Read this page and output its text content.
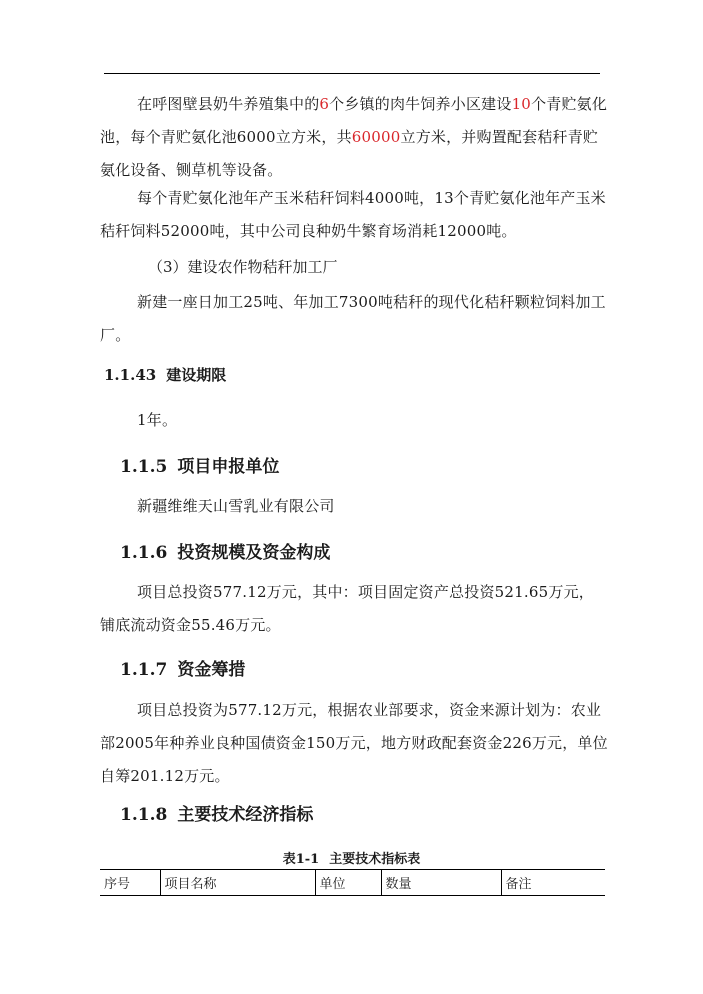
在呼图壁县奶牛养殖集中的6个乡镇的肉牛饲养小区建设10个青贮氨化池，每个青贮氨化池6000立方米，共60000立方米，并购置配套秸秆青贮氨化设备、铡草机等设备。

每个青贮氨化池年产玉米秸秆饲料4000吨，13个青贮氨化池年产玉米秸秆饲料52000吨，其中公司良种奶牛繁育场消耗12000吨。

（3）建设农作物秸秆加工厂

新建一座日加工25吨、年加工7300吨秸秆的现代化秸秆颗粒饲料加工厂。

1.1.43 建设期限

1年。

1.1.5 项目申报单位

新疆维维天山雪乳业有限公司

1.1.6 投资规模及资金构成

项目总投资577.12万元，其中：项目固定资产总投资521.65万元，铺底流动资金55.46万元。

1.1.7 资金筹措

项目总投资为577.12万元，根据农业部要求，资金来源计划为：农业部2005年种养业良种国债资金150万元，地方财政配套资金226万元，单位自筹201.12万元。

1.1.8 主要技术经济指标

表1-1 主要技术指标表

序号	项目名称	单位	数量	备注
